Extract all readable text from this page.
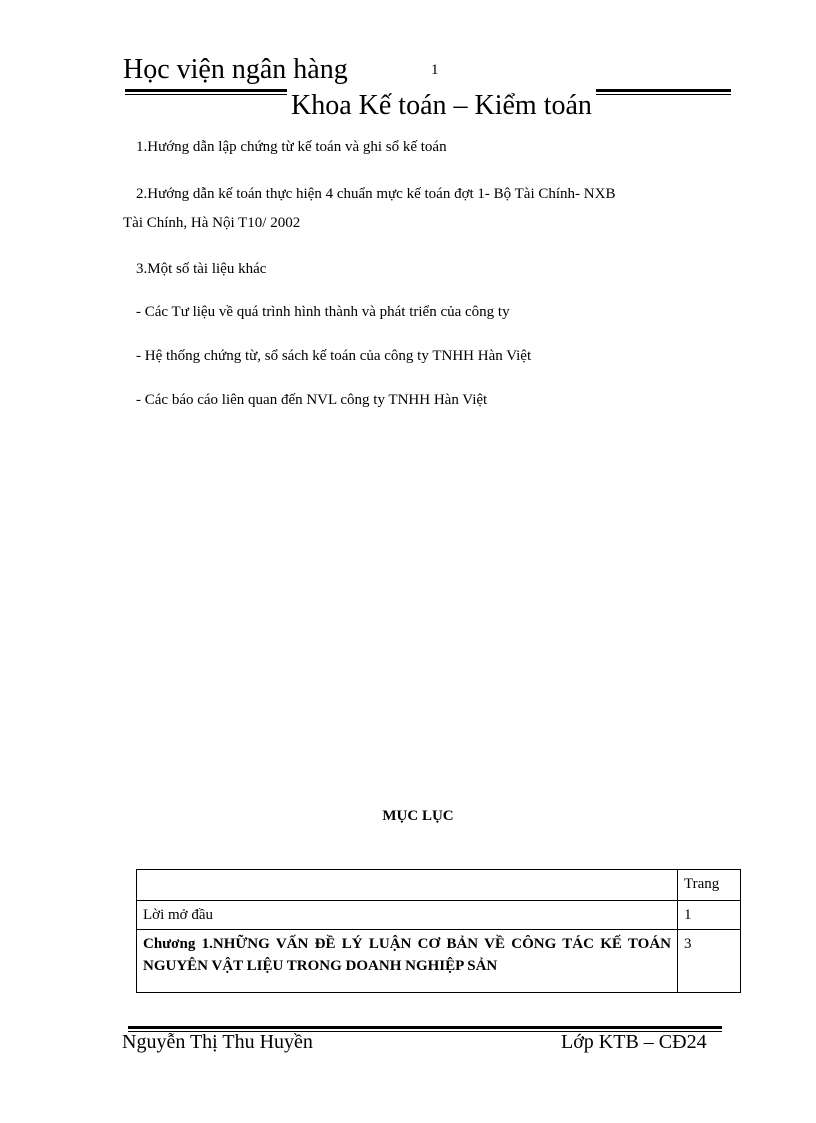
Học viện ngân hàng	1
Khoa Kế toán – Kiểm toán
1.Hướng dẫn lập chứng từ kế toán và ghi sổ kế toán
2.Hướng dẫn kế toán thực hiện 4 chuẩn mực kế toán đợt 1- Bộ Tài Chính- NXB
Tài Chính, Hà Nội T10/ 2002
3.Một số tài liệu khác
- Các Tư liệu về quá trình hình thành và phát triển của công ty
- Hệ thống chứng từ, sổ sách kế toán của công ty TNHH Hàn Việt
- Các báo cáo liên quan đến NVL công ty TNHH Hàn Việt
MỤC LỤC
	Trang
Lời mở đầu	1
Chương 1.NHỮNG VẤN ĐỀ LÝ LUẬN CƠ BẢN VỀ CÔNG TÁC KẾ TOÁN NGUYÊN VẬT LIỆU TRONG DOANH NGHIỆP SẢN	3
Nguyễn Thị Thu Huyền	Lớp KTB – CĐ24
